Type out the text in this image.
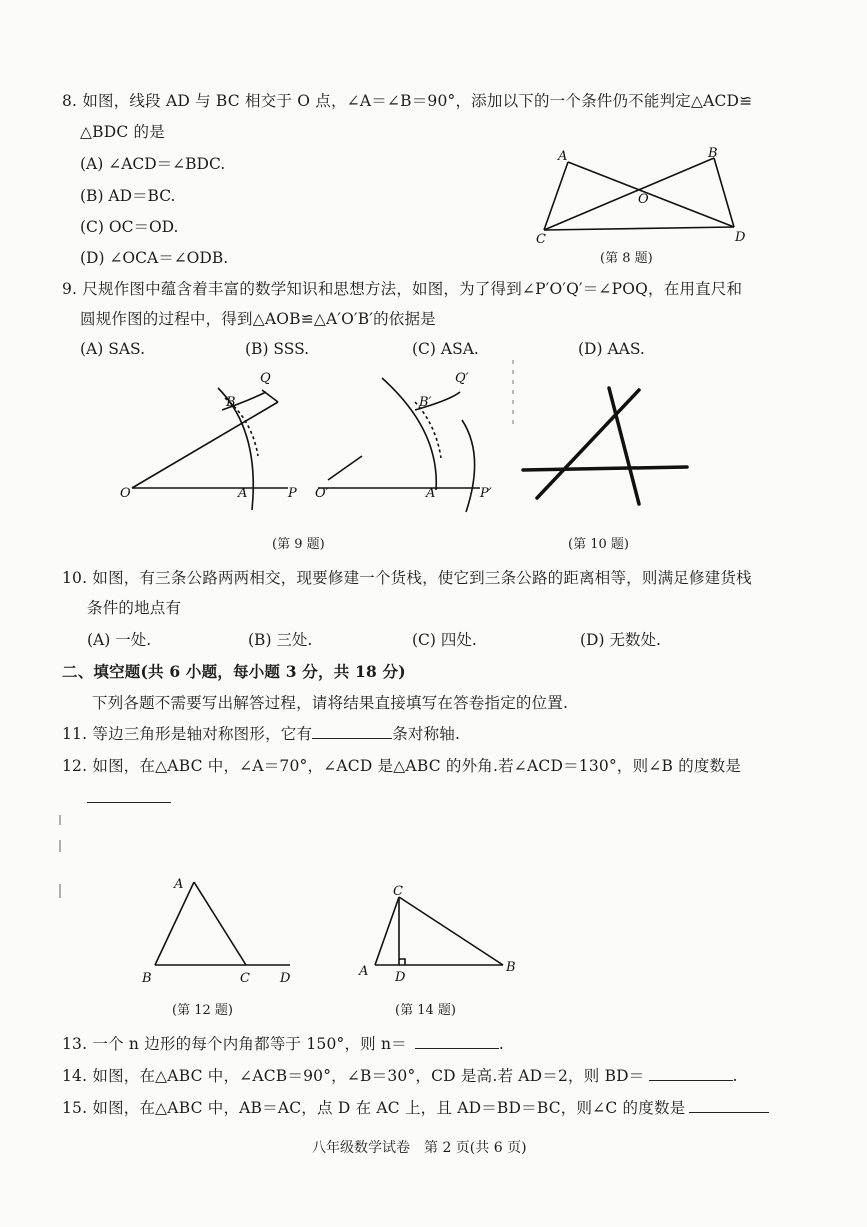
8. 如图，线段 AD 与 BC 相交于 O 点，∠A＝∠B＝90°，添加以下的一个条件仍不能判定△ACD≌
△BDC 的是
(A) ∠ACD＝∠BDC.
(B) AD＝BC.
(C) OC＝OD.
(D) ∠OCA＝∠ODB.
A	B
O
C	D
(第 8 题)
9. 尺规作图中蕴含着丰富的数学知识和思想方法，如图，为了得到∠P′O′Q′＝∠POQ，在用直尺和
圆规作图的过程中，得到△AOB≌△A′O′B′的依据是
(A) SAS.	(B) SSS.	(C) ASA.	(D) AAS.
Q
B
O	A	P
Q′
B′
O′	A′	P′
(第 9 题)	(第 10 题)
10. 如图，有三条公路两两相交，现要修建一个货栈，使它到三条公路的距离相等，则满足修建货栈
条件的地点有
(A) 一处.	(B) 三处.	(C) 四处.	(D) 无数处.
二、填空题(共 6 小题，每小题 3 分，共 18 分)
下列各题不需要写出解答过程，请将结果直接填写在答卷指定的位置.
11. 等边三角形是轴对称图形，它有	条对称轴.
12. 如图，在△ABC 中，∠A＝70°，∠ACD 是△ABC 的外角.若∠ACD＝130°，则∠B 的度数是
A
B	C D
(第 12 题)
C
A D
B
(第 14 题)
13. 一个 n 边形的每个内角都等于 150°，则 n＝	.
14. 如图，在△ABC 中，∠ACB＝90°，∠B＝30°，CD 是高.若 AD＝2，则 BD＝	.
15. 如图，在△ABC 中，AB＝AC，点 D 在 AC 上，且 AD＝BD＝BC，则∠C 的度数是
八年级数学试卷　第 2 页(共 6 页)
